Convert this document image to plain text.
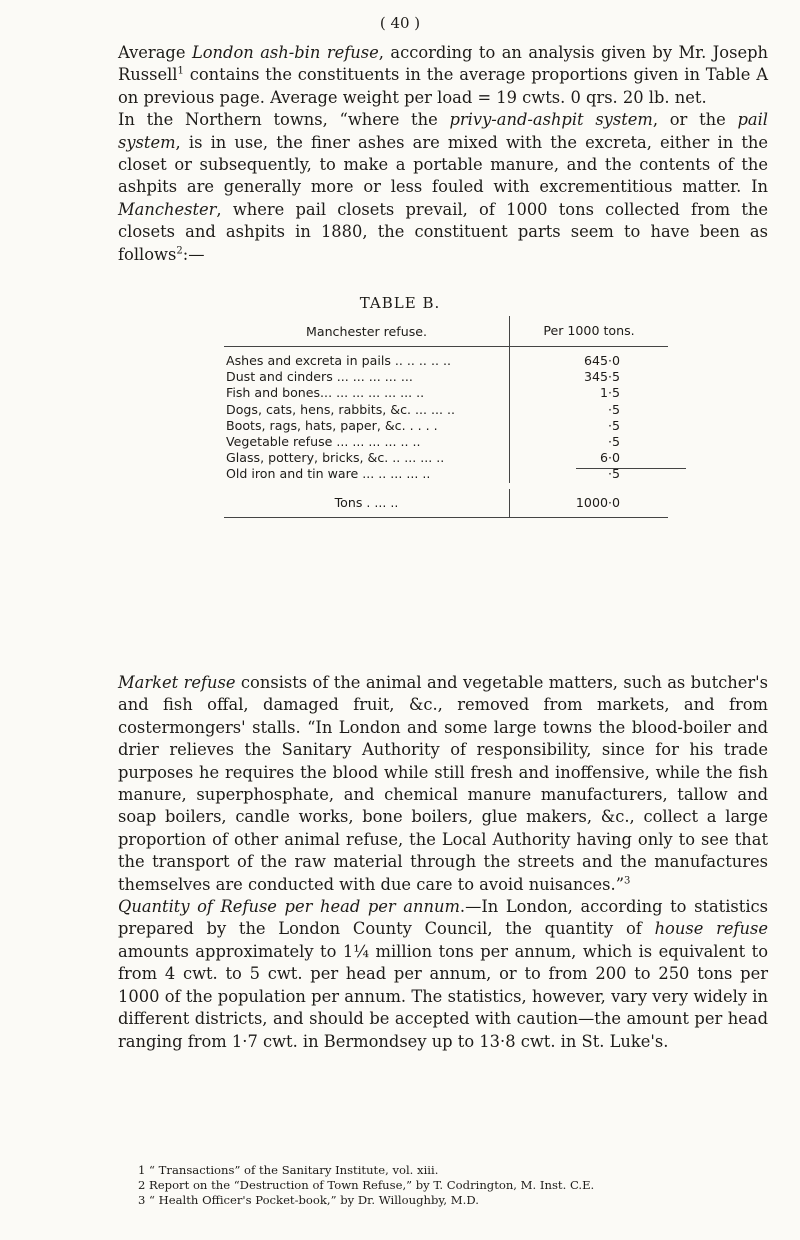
( 40 )

Average London ash-bin refuse, according to an analysis given by Mr. Joseph Russell$^1$ contains the constituents in the average proportions given in Table A on previous page. Average weight per load = 19 cwts. 0 qrs. 20 lb. net.

In the Northern towns, “where the privy-and-ashpit system, or the pail system, is in use, the finer ashes are mixed with the excreta, either in the closet or subsequently, to make a portable manure, and the contents of the ashpits are generally more or less fouled with excrementitious matter. In Manchester, where pail closets prevail, of 1000 tons collected from the closets and ashpits in 1880, the constituent parts seem to have been as follows$^2$:—

TABLE B.
Manchester refuse.	Per 1000 tons.
Ashes and excreta in pails .. .. .. .. ..	645·0
Dust and cinders ... ... ... ... ...	345·5
Fish and bones... ... ... ... ... ... ..	1·5
Dogs, cats, hens, rabbits, &c. ... ... ..	·5
Boots, rags, hats, paper, &c. . . . .	·5
Vegetable refuse ... ... ... ... .. ..	·5
Glass, pottery, bricks, &c. .. ... ... ..	6·0
Old iron and tin ware ... .. ... ... ..	·5
Tons . ... ..	1000·0

Market refuse consists of the animal and vegetable matters, such as butcher's and fish offal, damaged fruit, &c., removed from markets, and from costermongers' stalls. “In London and some large towns the blood-boiler and drier relieves the Sanitary Authority of responsibility, since for his trade purposes he requires the blood while still fresh and inoffensive, while the fish manure, superphosphate, and chemical manure manufacturers, tallow and soap boilers, candle works, bone boilers, glue makers, &c., collect a large proportion of other animal refuse, the Local Authority having only to see that the transport of the raw material through the streets and the manufactures themselves are conducted with due care to avoid nuisances.”$^3$

Quantity of Refuse per head per annum.—In London, according to statistics prepared by the London County Council, the quantity of house refuse amounts approximately to 1¼ million tons per annum, which is equivalent to from 4 cwt. to 5 cwt. per head per annum, or to from 200 to 250 tons per 1000 of the population per annum. The statistics, however, vary very widely in different districts, and should be accepted with caution—the amount per head ranging from 1·7 cwt. in Bermondsey up to 13·8 cwt. in St. Luke's.

1 “ Transactions” of the Sanitary Institute, vol. xiii.
2 Report on the “Destruction of Town Refuse,” by T. Codrington, M. Inst. C.E.
3 “ Health Officer's Pocket-book,” by Dr. Willoughby, M.D.
